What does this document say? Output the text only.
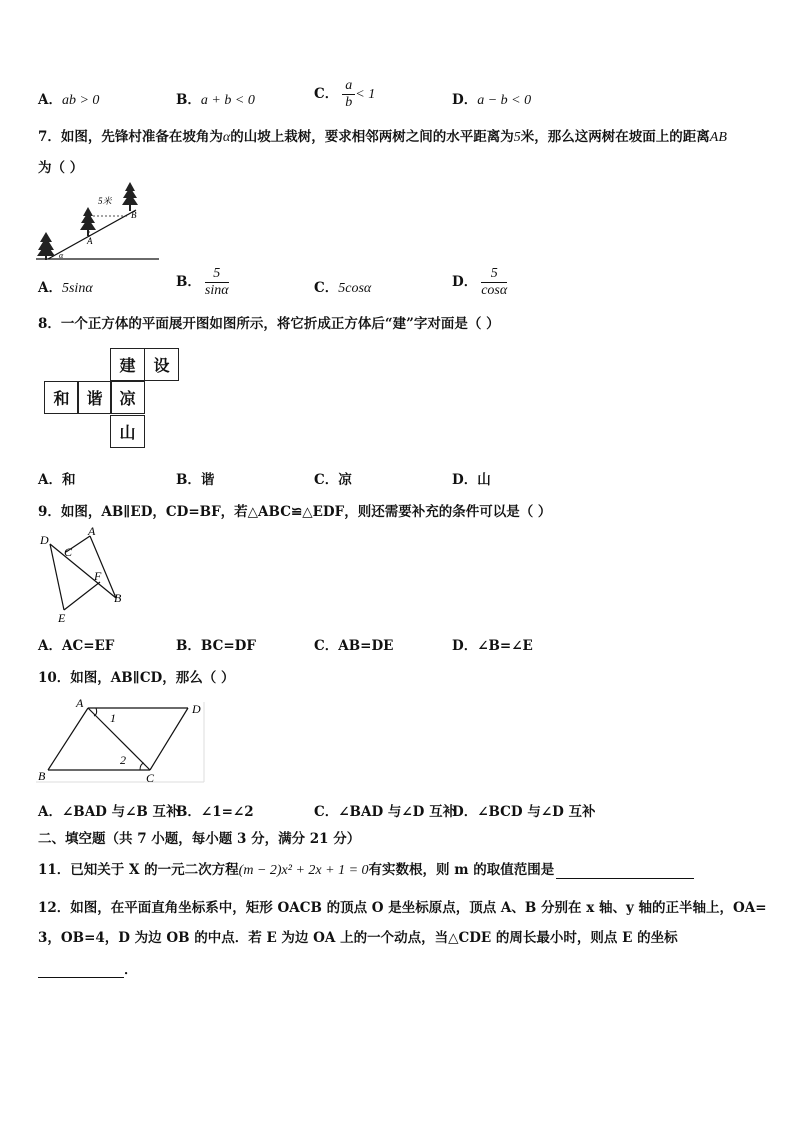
A．ab > 0	B．a + b < 0	C． $\frac{a}{b} < 1$	D．a − b < 0
7．如图，先锋村准备在坡角为α的山坡上栽树，要求相邻两树之间的水平距离为5米，那么这两树在坡面上的距离AB
为（ ）
5米
A
B
α
A．5sinα	B． $\frac{5}{\sin\alpha}$	C．5cosα	D． $\frac{5}{\cos\alpha}$
8．一个正方体的平面展开图如图所示，将它折成正方体后“建”字对面是（ ）
建	设
和	谐	凉
山
A．和	B．谐	C．凉	D．山
9．如图，AB∥ED，CD=BF，若△ABC≌△EDF，则还需要补充的条件可以是（ ）
D
C
A
F
B
E
A．AC=EF	B．BC=DF	C．AB=DE	D．∠B=∠E
10．如图，AB∥CD，那么（ ）
A	D
B	C
1
2
A．∠BAD 与∠B 互补
B．∠1=∠2	C．∠BAD 与∠D 互补
D．∠BCD 与∠D 互补
二、填空题（共 7 小题，每小题 3 分，满分 21 分）
11．已知关于 X 的一元二次方程(m − 2)x² + 2x + 1 = 0有实数根，则 m 的取值范围是
12．如图，在平面直角坐标系中，矩形 OACB 的顶点 O 是坐标原点，顶点 A、B 分别在 x 轴、y 轴的正半轴上，OA=
3，OB=4，D 为边 OB 的中点．若 E 为边 OA 上的一个动点，当△CDE 的周长最小时，则点 E 的坐标
．
